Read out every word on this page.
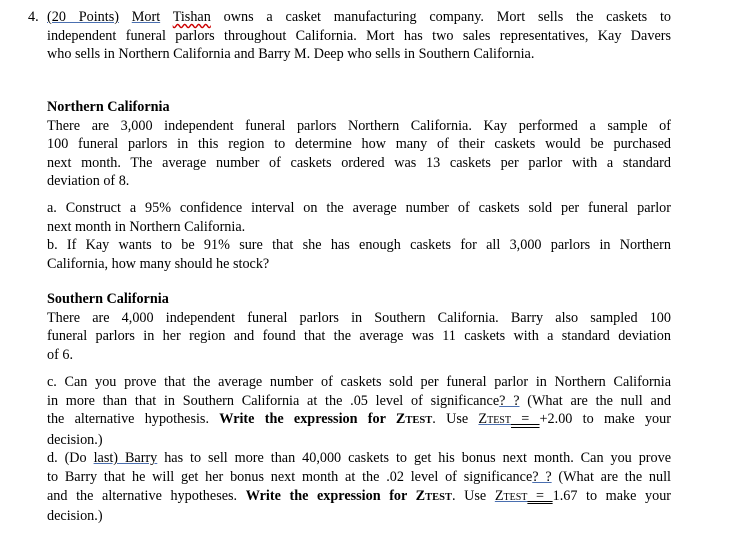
4. (20 Points) Mort Tishan owns a casket manufacturing company. Mort sells the caskets to
independent funeral parlors throughout California. Mort has two sales representatives, Kay Davers
who sells in Northern California and Barry M. Deep who sells in Southern California.
Northern California
There are 3,000 independent funeral parlors Northern California. Kay performed a sample of
100 funeral parlors in this region to determine how many of their caskets would be purchased
next month. The average number of caskets ordered was 13 caskets per parlor with a standard
deviation of 8.
a. Construct a 95% confidence interval on the average number of caskets sold per funeral parlor
next month in Northern California.
b. If Kay wants to be 91% sure that she has enough caskets for all 3,000 parlors in Northern
California, how many should he stock?
Southern California
There are 4,000 independent funeral parlors in Southern California. Barry also sampled 100
funeral parlors in her region and found that the average was 11 caskets with a standard deviation
of 6.
c. Can you prove that the average number of caskets sold per funeral parlor in Northern California
in more than that in Southern California at the .05 level of significance? ? (What are the null and
the alternative hypothesis. Write the expression for ZTEST. Use ZTEST = +2.00 to make your
decision.)
d. (Do last) Barry has to sell more than 40,000 caskets to get his bonus next month. Can you prove
to Barry that he will get her bonus next month at the .02 level of significance? ? (What are the null
and the alternative hypotheses. Write the expression for ZTEST. Use ZTEST = 1.67 to make your
decision.)
